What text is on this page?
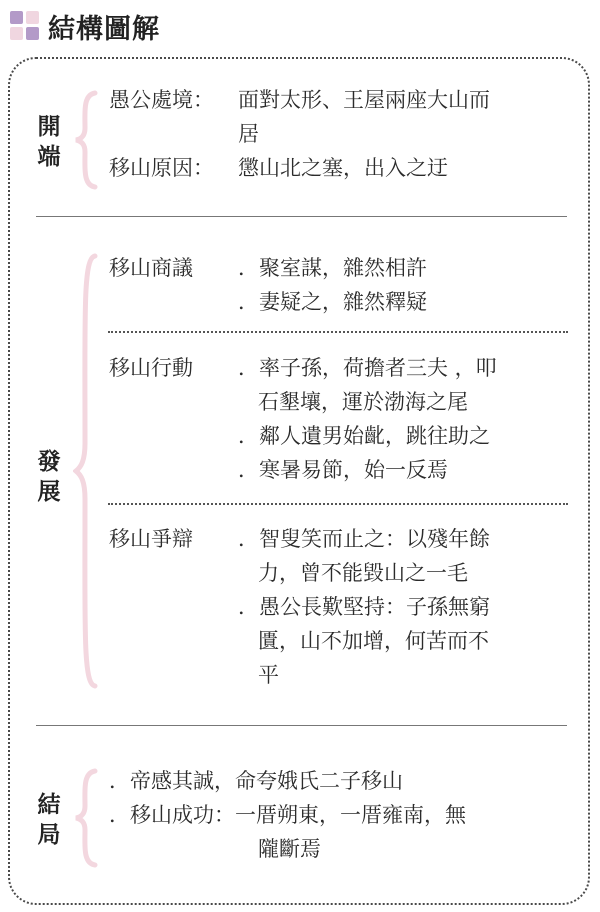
結構圖解
開
端
愚公處境： 面對太形、王屋兩座大山而
居
移山原因： 懲山北之塞，出入之迂
發
展
移山商議 ．聚室謀，雜然相許
．妻疑之，雜然釋疑
移山行動 ．率子孫，荷擔者三夫 ，叩
石墾壤，運於渤海之尾
．鄰人遺男始齔，跳往助之
．寒暑易節，始一反焉
移山爭辯 ．智叟笑而止之：以殘年餘
力，曾不能毀山之一毛
．愚公長歎堅持：子孫無窮
匱，山不加增，何苦而不
平
結
局
．帝感其誠，命夸娥氏二子移山
．移山成功：一厝朔東，一厝雍南，無
隴斷焉
